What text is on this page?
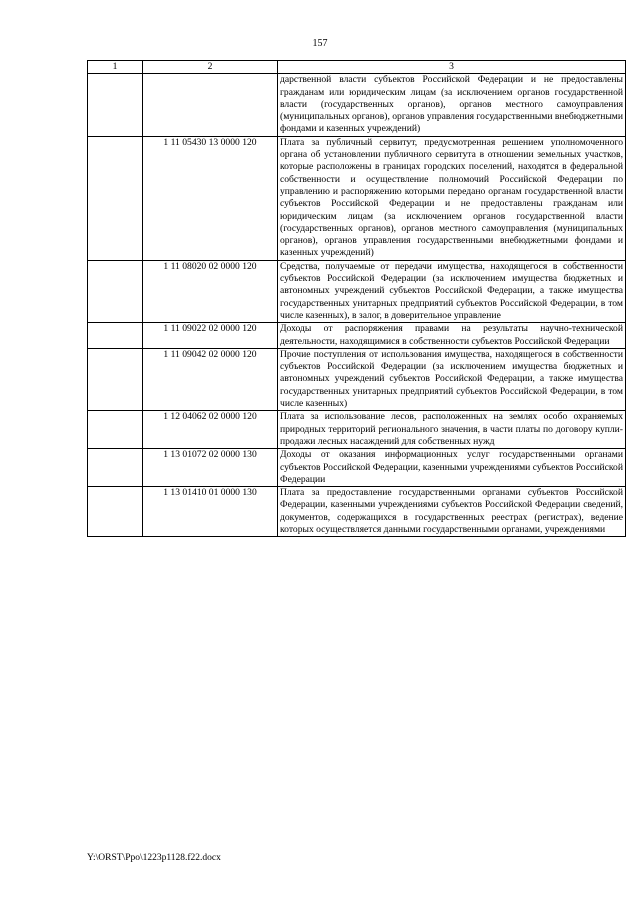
157
1	2	3
		дарственной власти субъектов Российской Федерации и не предоставлены гражданам или юридическим лицам (за исключением органов государственной власти (государственных органов), органов местного самоуправления (муниципальных органов), органов управления государственными внебюджетными фондами и казенных учреждений)
	1 11 05430 13 0000 120	Плата за публичный сервитут, предусмотренная решением уполномоченного органа об установлении публичного сервитута в отношении земельных участков, которые расположены в границах городских поселений, находятся в федеральной собственности и осуществление полномочий Российской Федерации по управлению и распоряжению которыми передано органам государственной власти субъектов Российской Федерации и не предоставлены гражданам или юридическим лицам (за исключением органов государственной власти (государственных органов), органов местного самоуправления (муниципальных органов), органов управления государственными внебюджетными фондами и казенных учреждений)
	1 11 08020 02 0000 120	Средства, получаемые от передачи имущества, находящегося в собственности субъектов Российской Федерации (за исключением имущества бюджетных и автономных учреждений субъектов Российской Федерации, а также имущества государственных унитарных предприятий субъектов Российской Федерации, в том числе казенных), в залог, в доверительное управление
	1 11 09022 02 0000 120	Доходы от распоряжения правами на результаты научно-технической деятельности, находящимися в собственности субъектов Российской Федерации
	1 11 09042 02 0000 120	Прочие поступления от использования имущества, находящегося в собственности субъектов Российской Федерации (за исключением имущества бюджетных и автономных учреждений субъектов Российской Федерации, а также имущества государственных унитарных предприятий субъектов Российской Федерации, в том числе казенных)
	1 12 04062 02 0000 120	Плата за использование лесов, расположенных на землях особо охраняемых природных территорий регионального значения, в части платы по договору купли-продажи лесных насаждений для собственных нужд
	1 13 01072 02 0000 130	Доходы от оказания информационных услуг государственными органами субъектов Российской Федерации, казенными учреждениями субъектов Российской Федерации
	1 13 01410 01 0000 130	Плата за предоставление государственными органами субъектов Российской Федерации, казенными учреждениями субъектов Российской Федерации сведений, документов, содержащихся в государственных реестрах (регистрах), ведение которых осуществляется данными государственными органами, учреждениями
Y:\ORST\Ppo\1223p1128.f22.docx
